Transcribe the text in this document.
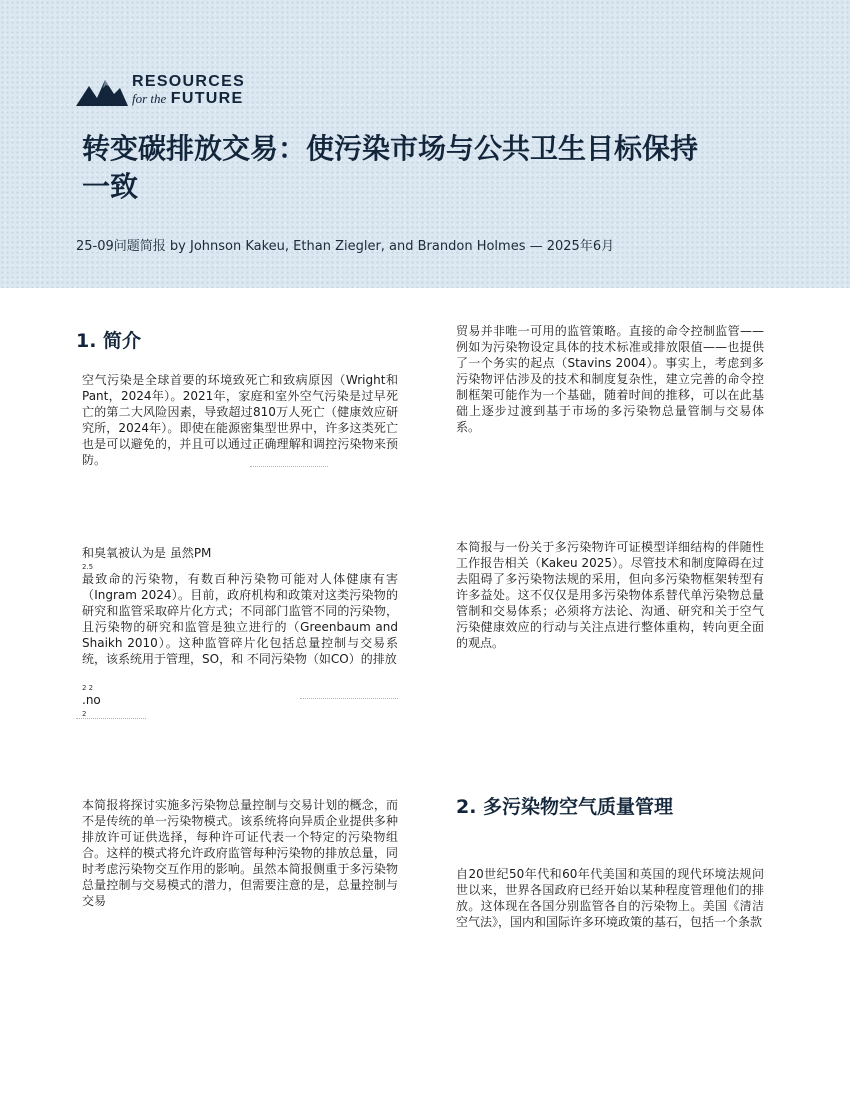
RESOURCES
for the FUTURE
转变碳排放交易：使污染市场与公共卫生目标保持一致
25-09问题简报 by Johnson Kakeu, Ethan Ziegler, and Brandon Holmes — 2025年6月
1. 简介

空气污染是全球首要的环境致死亡和致病原因（Wright和Pant，2024年）。2021年，家庭和室外空气污染是过早死亡的第二大风险因素，导致超过810万人死亡（健康效应研究所，2024年）。即使在能源密集型世界中，许多这类死亡也是可以避免的，并且可以通过正确理解和调控污染物来预防。

和臭氧被认为是 虽然PM

2.5

最致命的污染物，有数百种污染物可能对人体健康有害（Ingram 2024）。目前，政府机构和政策对这类污染物的研究和监管采取碎片化方式；不同部门监管不同的污染物，且污染物的研究和监管是独立进行的（Greenbaum and Shaikh 2010）。这种监管碎片化包括总量控制与交易系统，该系统用于管理，SO，和 不同污染物（如CO）的排放

2 2

.no

2

本简报将探讨实施多污染物总量控制与交易计划的概念，而不是传统的单一污染物模式。该系统将向异质企业提供多种排放许可证供选择，每种许可证代表一个特定的污染物组合。这样的模式将允许政府监管每种污染物的排放总量，同时考虑污染物交互作用的影响。虽然本简报侧重于多污染物总量控制与交易模式的潜力，但需要注意的是，总量控制与交易

贸易并非唯一可用的监管策略。直接的命令控制监管——例如为污染物设定具体的技术标准或排放限值——也提供了一个务实的起点（Stavins 2004）。事实上，考虑到多污染物评估涉及的技术和制度复杂性，建立完善的命令控制框架可能作为一个基础，随着时间的推移，可以在此基础上逐步过渡到基于市场的多污染物总量管制与交易体系。

本简报与一份关于多污染物许可证模型详细结构的伴随性工作报告相关（Kakeu 2025）。尽管技术和制度障碍在过去阻碍了多污染物法规的采用，但向多污染物框架转型有许多益处。这不仅仅是用多污染物体系替代单污染物总量管制和交易体系；必须将方法论、沟通、研究和关于空气污染健康效应的行动与关注点进行整体重构，转向更全面的观点。

2. 多污染物空气质量管理

自20世纪50年代和60年代美国和英国的现代环境法规问世以来，世界各国政府已经开始以某种程度管理他们的排放。这体现在各国分别监管各自的污染物上。美国《清洁空气法》，国内和国际许多环境政策的基石，包括一个条款
